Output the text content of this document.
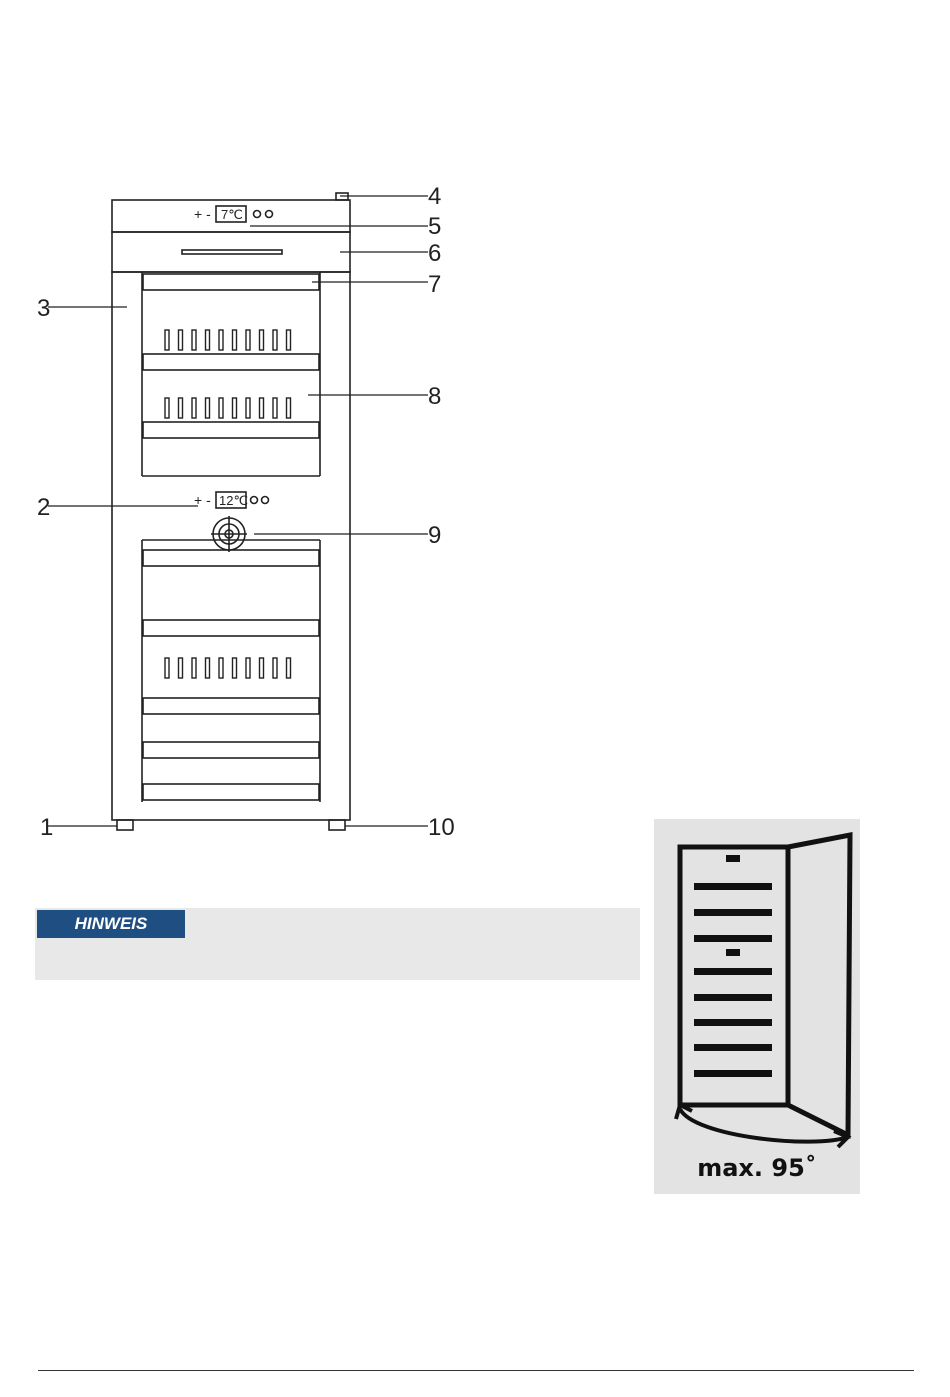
+ - 7℃
+ - 12℃
1
2
3
4
5
6
7
8
9
10
HINWEIS
max. 95˚
